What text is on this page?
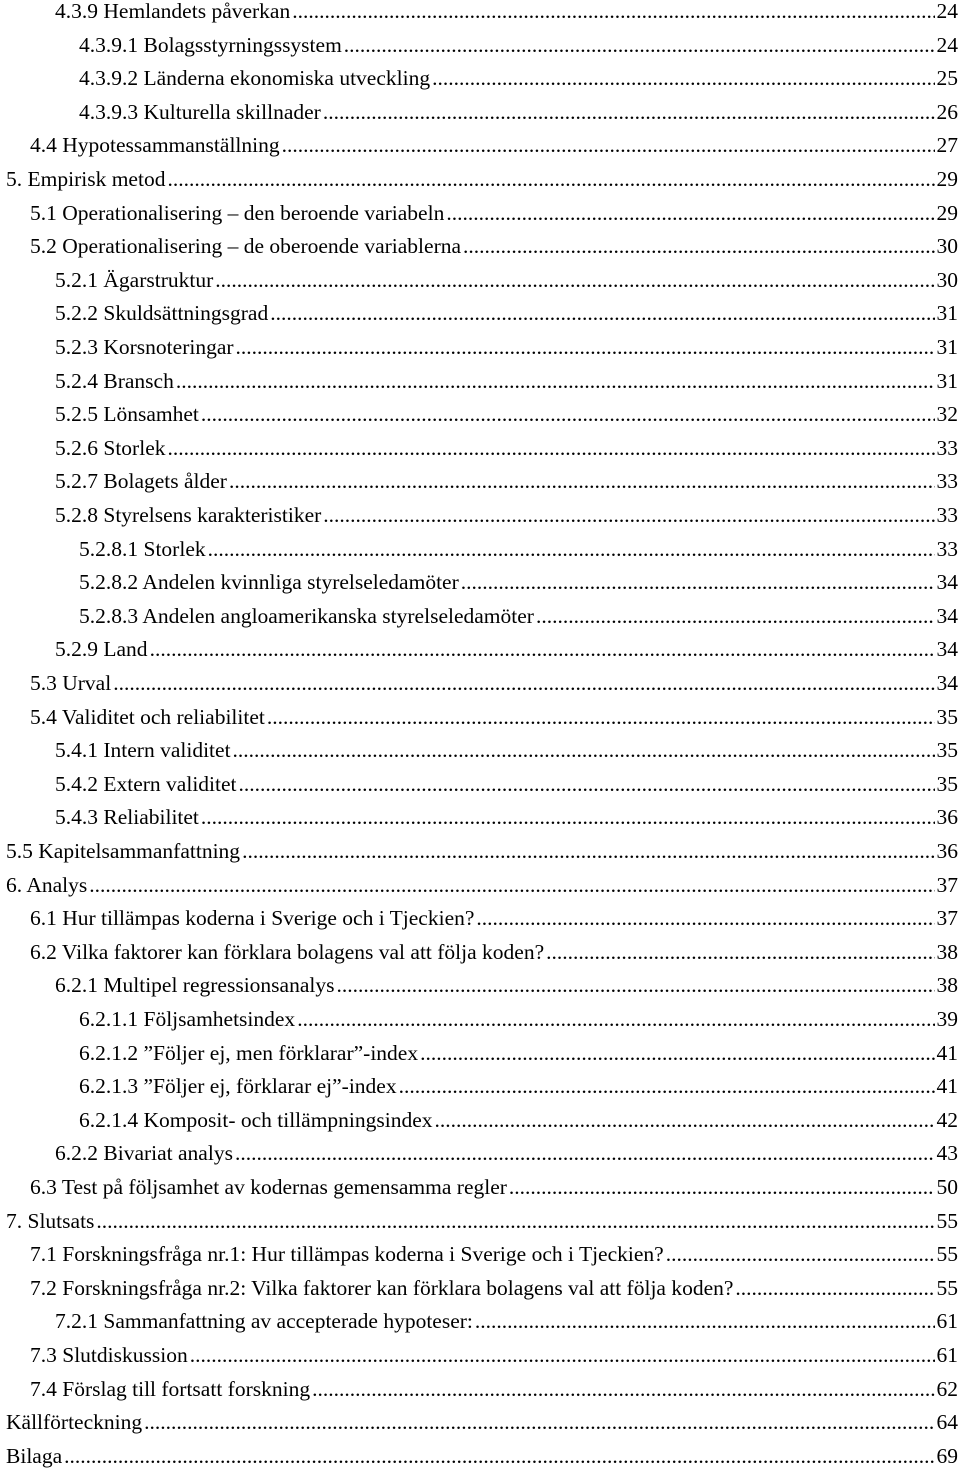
4.3.9 Hemlandets påverkan .....	24
4.3.9.1 Bolagsstyrningssystem .....	24
4.3.9.2 Länderna ekonomiska utveckling .....	25
4.3.9.3 Kulturella skillnader .....	26
4.4 Hypotessammanställning .....	27
5. Empirisk metod .....	29
5.1 Operationalisering – den beroende variabeln .....	29
5.2 Operationalisering – de oberoende variablerna .....	30
5.2.1 Ägarstruktur .....	30
5.2.2 Skuldsättningsgrad .....	31
5.2.3 Korsnoteringar .....	31
5.2.4 Bransch .....	31
5.2.5 Lönsamhet .....	32
5.2.6 Storlek .....	33
5.2.7 Bolagets ålder .....	33
5.2.8 Styrelsens karakteristiker .....	33
5.2.8.1 Storlek .....	33
5.2.8.2 Andelen kvinnliga styrelseledamöter .....	34
5.2.8.3 Andelen angloamerikanska styrelseledamöter .....	34
5.2.9 Land .....	34
5.3 Urval .....	34
5.4 Validitet och reliabilitet .....	35
5.4.1 Intern validitet .....	35
5.4.2 Extern validitet .....	35
5.4.3 Reliabilitet .....	36
5.5 Kapitelsammanfattning .....	36
6. Analys .....	37
6.1 Hur tillämpas koderna i Sverige och i Tjeckien? .....	37
6.2 Vilka faktorer kan förklara bolagens val att följa koden? .....	38
6.2.1 Multipel regressionsanalys .....	38
6.2.1.1 Följsamhetsindex .....	39
6.2.1.2 ”Följer ej, men förklarar”-index .....	41
6.2.1.3 ”Följer ej, förklarar ej”-index .....	41
6.2.1.4 Komposit- och tillämpningsindex .....	42
6.2.2 Bivariat analys .....	43
6.3 Test på följsamhet av kodernas gemensamma regler .....	50
7. Slutsats .....	55
7.1 Forskningsfråga nr.1: Hur tillämpas koderna i Sverige och i Tjeckien? .....	55
7.2 Forskningsfråga nr.2: Vilka faktorer kan förklara bolagens val att följa koden? .....	55
7.2.1 Sammanfattning av accepterade hypoteser: .....	61
7.3 Slutdiskussion .....	61
7.4 Förslag till fortsatt forskning .....	62
Källförteckning .....	64
Bilaga .....	69
